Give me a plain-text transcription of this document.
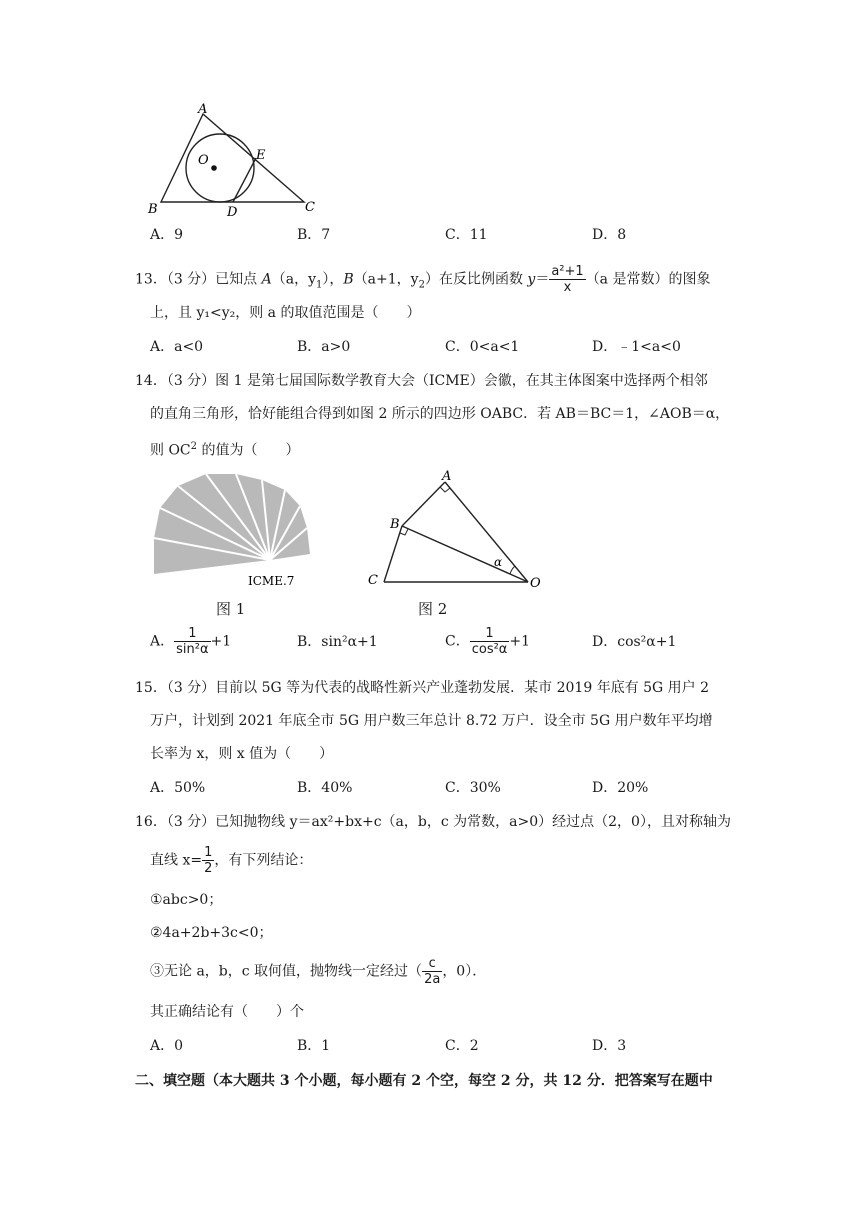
A
O	E
B	D	C
A．9	B．7	C．11	D．8
13．（3 分）已知点 A（a，$y_1$），B（a+1，$y_2$）在反比例函数 $y= \frac{\text{a²+1}}{x} (a$ 是常数）的图象
上，且 y₁<y₂，则 a 的取值范围是（　　）
A．a<0	B．a>0	C．0<a<1	D．﹣1<a<0
14．（3 分）图 1 是第七届国际数学教育大会（ICME）会徽，在其主体图案中选择两个相邻
的直角三角形，恰好能组合得到如图 2 所示的四边形 OABC．若 AB＝BC＝1，∠AOB＝α，
则 $OC^2$ 的值为（　　）
ICME.7
图 1
A
B
C	O
α
图 2
A． $\frac{1}{\text{sin²α}} +1$	B．sin²α+1	C． $\frac{1}{\text{cos²α}} +1$	D．cos²α+1
15．（3 分）目前以 5G 等为代表的战略性新兴产业蓬勃发展．某市 2019 年底有 5G 用户 2
万户，计划到 2021 年底全市 5G 用户数三年总计 8.72 万户．设全市 5G 用户数年平均增
长率为 x，则 x 值为（　　）
A．50%	B．40%	C．30%	D．20%
16．（3 分）已知抛物线 y＝ax²+bx+c（a，b，c 为常数，a>0）经过点（2，0），且对称轴为
直线 $x= \frac{1}{2}$ ，有下列结论：
①abc>0；
②4a+2b+3c<0；
③无论 a，b，c 取何值，抛物线一定经过（ $\frac{c}{2a}$ ，0）．
其正确结论有（　　）个
A．0	B．1	C．2	D．3
二、填空题（本大题共 3 个小题，每小题有 2 个空，每空 2 分，共 12 分．把答案写在题中
